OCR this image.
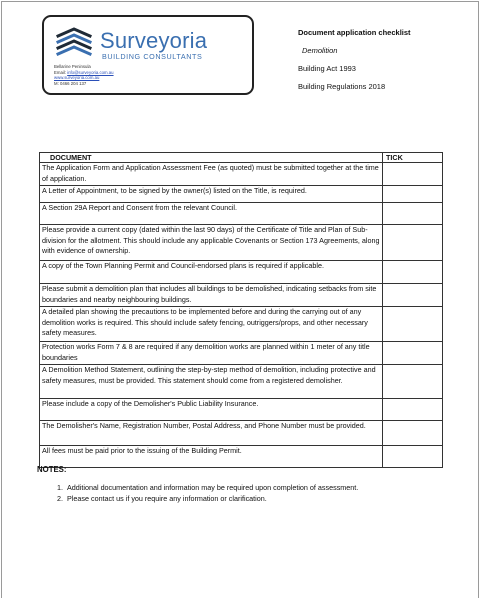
Surveyoria
BUILDING CONSULTANTS
Bellarine Peninsula
Email: info@surveyoria.com.au
www.surveyoria.com.au
M: 0466 204 137
Document application checklist
Demolition
Building Act 1993
Building Regulations 2018
DOCUMENT	TICK
The Application Form and Application Assessment Fee (as quoted) must be submitted together at the time of application.	
A Letter of Appointment, to be signed by the owner(s) listed on the Title, is required.	
A Section 29A Report and Consent from the relevant Council.	
Please provide a current copy (dated within the last 90 days) of the Certificate of Title and Plan of Sub-division for the allotment. This should include any applicable Covenants or Section 173 Agreements, along with evidence of ownership.	
A copy of the Town Planning Permit and Council-endorsed plans is required if applicable.	
Please submit a demolition plan that includes all buildings to be demolished, indicating setbacks from site boundaries and nearby neighbouring buildings.	
A detailed plan showing the precautions to be implemented before and during the carrying out of any demolition works is required. This should include safety fencing, outriggers/props, and other necessary safety measures.	
Protection works Form 7 & 8 are required if any demolition works are planned within 1 meter of any title boundaries	
A Demolition Method Statement, outlining the step-by-step method of demolition, including protective and safety measures, must be provided. This statement should come from a registered demolisher.	
Please include a copy of the Demolisher's Public Liability Insurance.	
The Demolisher's Name, Registration Number, Postal Address, and Phone Number must be provided.	
All fees must be paid prior to the issuing of the Building Permit.	
NOTES:
1. Additional documentation and information may be required upon completion of assessment.
2. Please contact us if you require any information or clarification.
